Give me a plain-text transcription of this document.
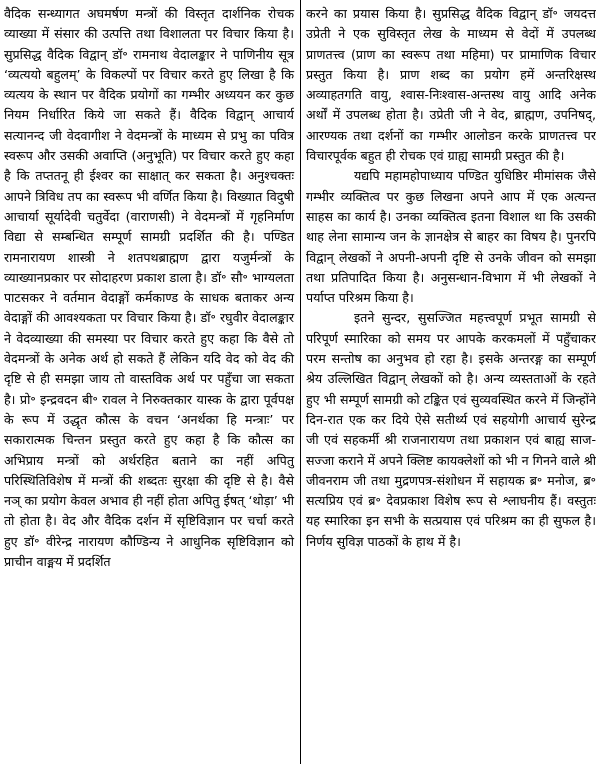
वैदिक सन्ध्यागत अघमर्षण मन्त्रों की विस्तृत दार्शनिक रोचक व्याख्या में संसार की उत्पत्ति तथा विशालता पर विचार किया है। सुप्रसिद्ध वैदिक विद्वान् डॉ॰ रामनाथ वेदालङ्कार ने पाणिनीय सूत्र ‘व्यत्ययो बहुलम्’ के विकल्पों पर विचार करते हुए लिखा है कि व्यत्यय के स्थान पर वैदिक प्रयोगों का गम्भीर अध्ययन कर कुछ नियम निर्धारित किये जा सकते हैं। वैदिक विद्वान् आचार्य सत्यानन्द जी वेदवागीश ने वेदमन्त्रों के माध्यम से प्रभु का पवित्र स्वरूप और उसकी अवाप्ति (अनुभूति) पर विचार करते हुए कहा है कि तप्ततनू ही ईश्वर का साक्षात् कर सकता है। अनुश्चक्तः आपने त्रिविध तप का स्वरूप भी वर्णित किया है। विख्यात विदुषी आचार्या सूर्यादेवी चतुर्वेदा (वाराणसी) ने वेदमन्त्रों में गृहनिर्माण विद्या से सम्बन्धित सम्पूर्ण सामग्री प्रदर्शित की है। पण्डित रामनारायण शास्त्री ने शतपथब्राह्मण द्वारा यजुर्मन्त्रों के व्याख्यानप्रकार पर सोदाहरण प्रकाश डाला है। डॉ॰ सौ॰ भाग्यलता पाटसकर ने वर्तमान वेदाङ्गों कर्मकाण्ड के साधक बताकर अन्य वेदाङ्गों की आवश्यकता पर विचार किया है। डॉ॰ रघुवीर वेदालङ्कार ने वेदव्याख्या की समस्या पर विचार करते हुए कहा कि वैसे तो वेदमन्त्रों के अनेक अर्थ हो सकते हैं लेकिन यदि वेद को वेद की दृष्टि से ही समझा जाय तो वास्तविक अर्थ पर पहुँचा जा सकता है। प्रो॰ इन्द्रवदन बी॰ रावल ने निरुक्तकार यास्क के द्वारा पूर्वपक्ष के रूप में उद्धृत कौत्स के वचन ‘अनर्थका हि मन्त्राः’ पर सकारात्मक चिन्तन प्रस्तुत करते हुए कहा है कि कौत्स का अभिप्राय मन्त्रों को अर्थरहित बताने का नहीं अपितु परिस्थितिविशेष में मन्त्रों की शब्दतः सुरक्षा की दृष्टि से है। वैसे नञ् का प्रयोग केवल अभाव ही नहीं होता अपितु ईषत् ‘थोड़ा’ भी तो होता है। वेद और वैदिक दर्शन में सृष्टिविज्ञान पर चर्चा करते हुए डॉ॰ वीरेन्द्र नारायण कौण्डिन्य ने आधुनिक सृष्टिविज्ञान को प्राचीन वाङ्मय में प्रदर्शित

करने का प्रयास किया है। सुप्रसिद्ध वैदिक विद्वान् डॉ॰ जयदत्त उप्रेती ने एक सुविस्तृत लेख के माध्यम से वेदों में उपलब्ध प्राणतत्त्व (प्राण का स्वरूप तथा महिमा) पर प्रामाणिक विचार प्रस्तुत किया है। प्राण शब्द का प्रयोग हमें अन्तरिक्षस्थ अव्याहतगति वायु, श्वास-निःश्वास-अन्तस्थ वायु आदि अनेक अर्थों में उपलब्ध होता है। उप्रेती जी ने वेद, ब्राह्मण, उपनिषद्, आरण्यक तथा दर्शनों का गम्भीर आलोडन करके प्राणतत्त्व पर विचारपूर्वक बहुत ही रोचक एवं ग्राह्य सामग्री प्रस्तुत की है।

यद्यपि महामहोपाध्याय पण्डित युधिष्ठिर मीमांसक जैसे गम्भीर व्यक्तित्व पर कुछ लिखना अपने आप में एक अत्यन्त साहस का कार्य है। उनका व्यक्तित्व इतना विशाल था कि उसकी थाह लेना सामान्य जन के ज्ञानक्षेत्र से बाहर का विषय है। पुनरपि विद्वान् लेखकों ने अपनी-अपनी दृष्टि से उनके जीवन को समझा तथा प्रतिपादित किया है। अनुसन्धान-विभाग में भी लेखकों ने पर्याप्त परिश्रम किया है।

इतने सुन्दर, सुसज्जित महत्त्वपूर्ण प्रभूत सामग्री से परिपूर्ण स्मारिका को समय पर आपके करकमलों में पहुँचाकर परम सन्तोष का अनुभव हो रहा है। इसके अन्तरङ्ग का सम्पूर्ण श्रेय उल्लिखित विद्वान् लेखकों को है। अन्य व्यस्तताओं के रहते हुए भी सम्पूर्ण सामग्री को टङ्कित एवं सुव्यवस्थित करने में जिन्होंने दिन-रात एक कर दिये ऐसे सतीर्थ्य एवं सहयोगी आचार्य सुरेन्द्र जी एवं सहकर्मी श्री राजनारायण तथा प्रकाशन एवं बाह्य साज-सज्जा कराने में अपने क्लिष्ट कायक्लेशों को भी न गिनने वाले श्री जीवनराम जी तथा मुद्रणपत्र-संशोधन में सहायक ब्र॰ मनोज, ब्र॰ सत्यप्रिय एवं ब्र॰ देवप्रकाश विशेष रूप से श्लाघनीय हैं। वस्तुतः यह स्मारिका इन सभी के सत्प्रयास एवं परिश्रम का ही सुफल है। निर्णय सुविज्ञ पाठकों के हाथ में है।
